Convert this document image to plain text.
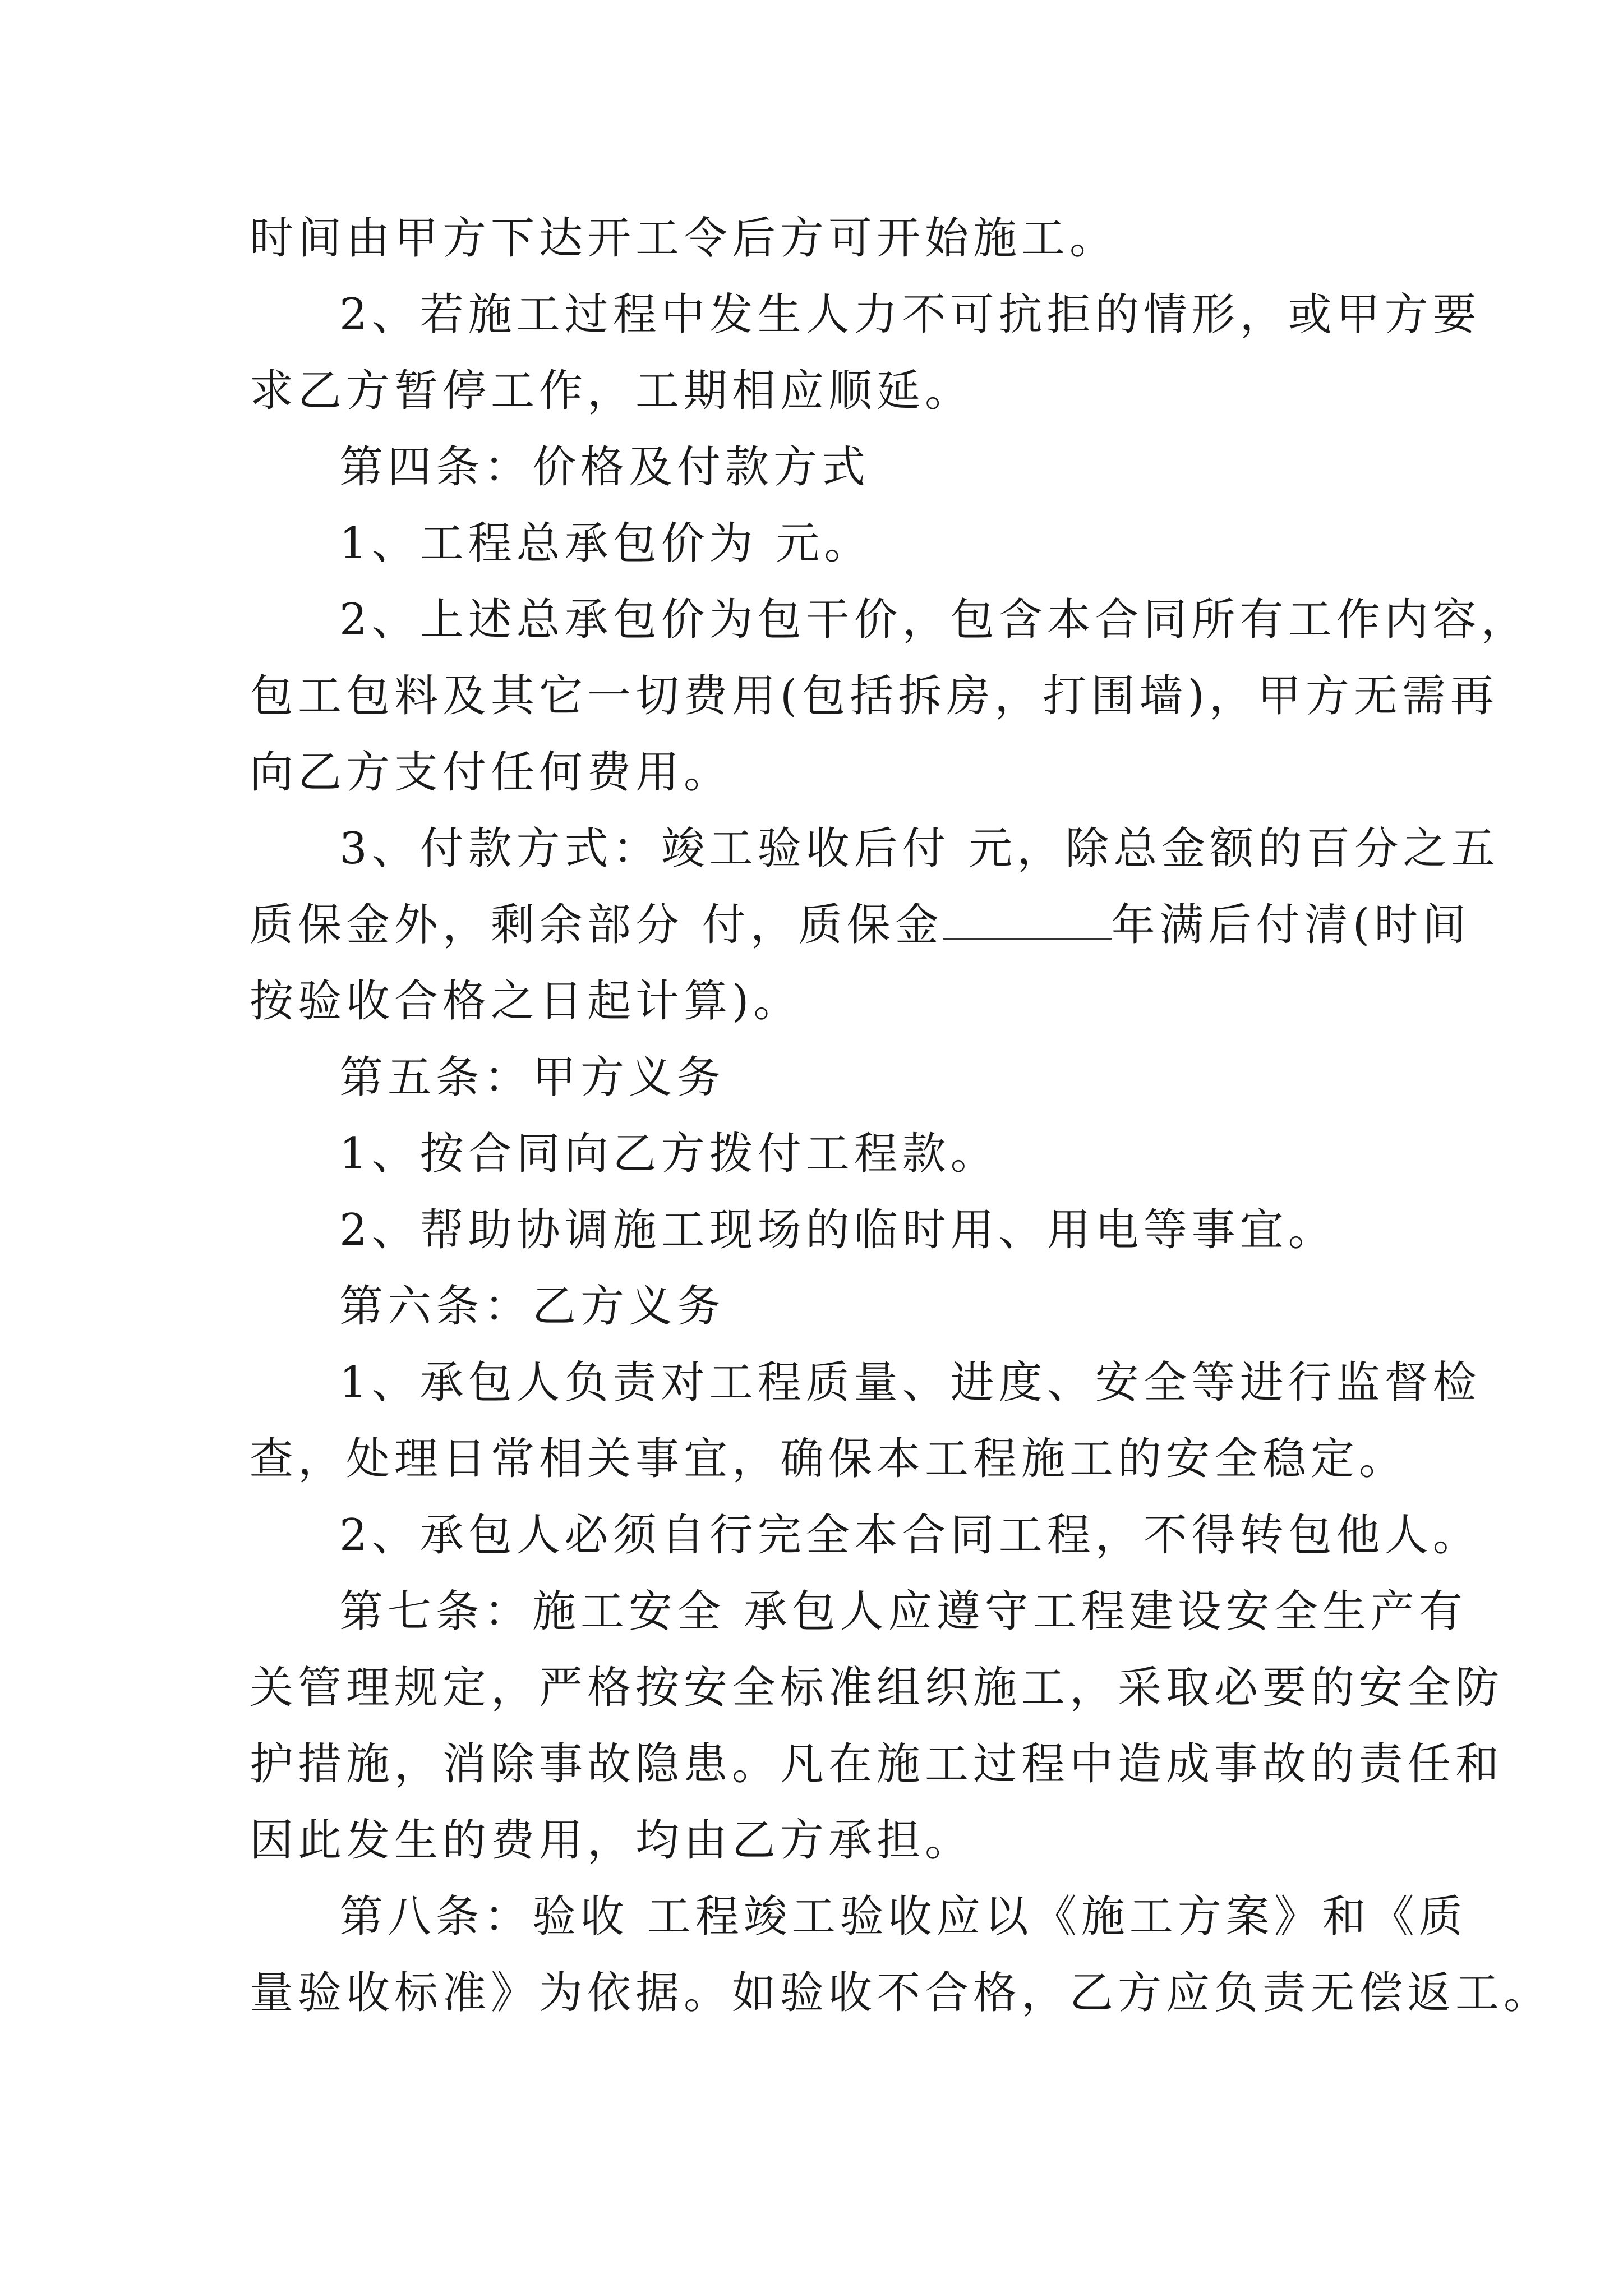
时间由甲方下达开工令后方可开始施工。
2、若施工过程中发生人力不可抗拒的情形，或甲方要
求乙方暂停工作，工期相应顺延。
第四条：价格及付款方式
1、工程总承包价为 元。
2、上述总承包价为包干价，包含本合同所有工作内容，
包工包料及其它一切费用(包括拆房，打围墙)，甲方无需再
向乙方支付任何费用。
3、付款方式：竣工验收后付 元，除总金额的百分之五
质保金外，剩余部分 付，质保金	年满后付清(时间
按验收合格之日起计算)。
第五条：甲方义务
1、按合同向乙方拨付工程款。
2、帮助协调施工现场的临时用、用电等事宜。
第六条：乙方义务
1、承包人负责对工程质量、进度、安全等进行监督检
查，处理日常相关事宜，确保本工程施工的安全稳定。
2、承包人必须自行完全本合同工程，不得转包他人。
第七条：施工安全 承包人应遵守工程建设安全生产有
关管理规定，严格按安全标准组织施工，采取必要的安全防
护措施，消除事故隐患。凡在施工过程中造成事故的责任和
因此发生的费用，均由乙方承担。
第八条：验收 工程竣工验收应以《施工方案》和《质
量验收标准》为依据。如验收不合格，乙方应负责无偿返工。
